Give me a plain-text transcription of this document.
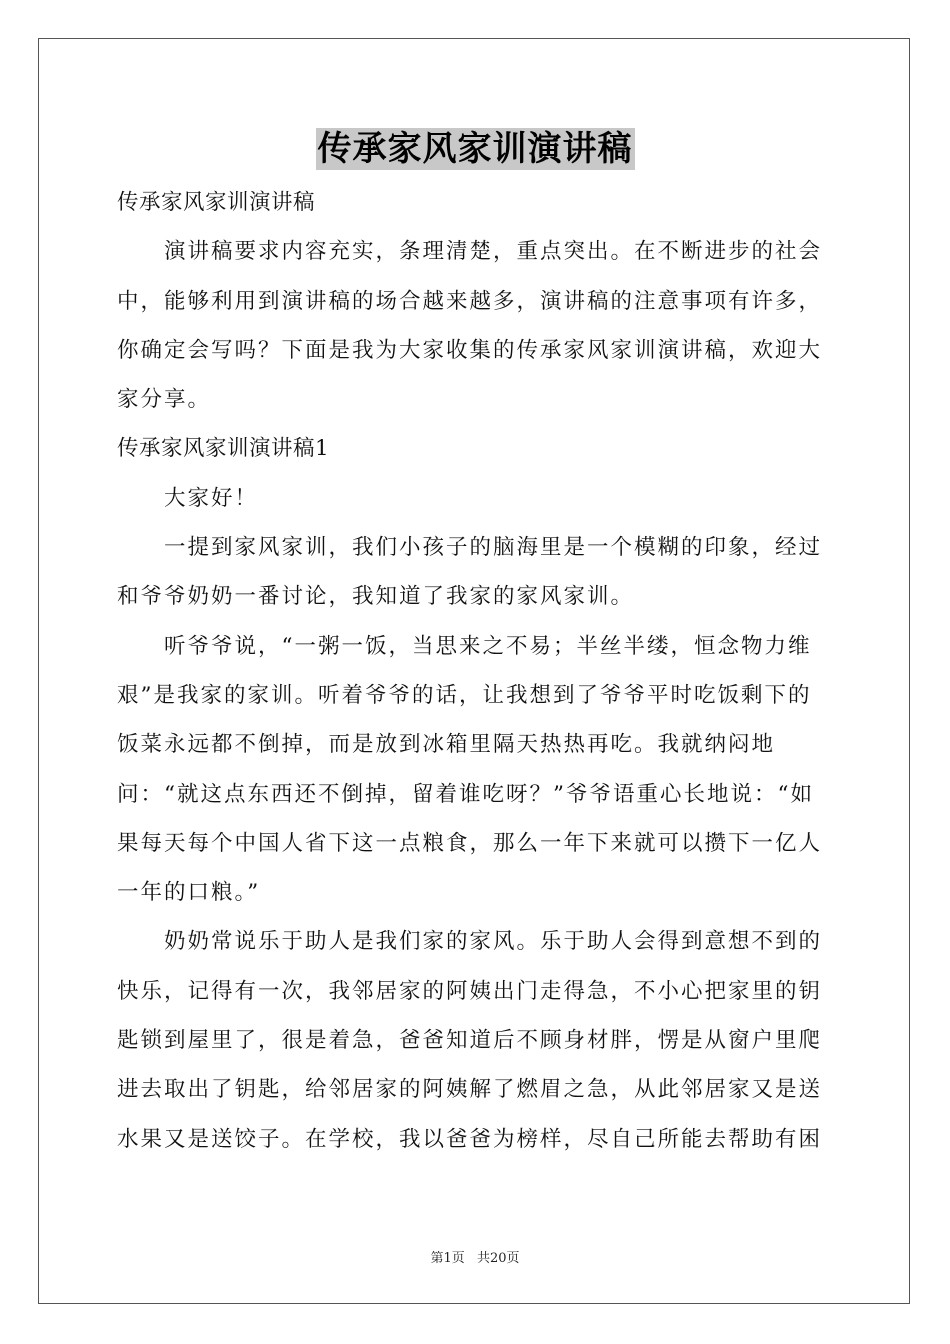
传承家风家训演讲稿

传承家风家训演讲稿

演讲稿要求内容充实，条理清楚，重点突出。在不断进步的社会中，能够利用到演讲稿的场合越来越多，演讲稿的注意事项有许多，你确定会写吗？下面是我为大家收集的传承家风家训演讲稿，欢迎大家分享。

传承家风家训演讲稿1

大家好！

一提到家风家训，我们小孩子的脑海里是一个模糊的印象，经过和爷爷奶奶一番讨论，我知道了我家的家风家训。

听爷爷说，“一粥一饭，当思来之不易；半丝半缕，恒念物力维艰”是我家的家训。听着爷爷的话，让我想到了爷爷平时吃饭剩下的饭菜永远都不倒掉，而是放到冰箱里隔天热热再吃。我就纳闷地问：“就这点东西还不倒掉，留着谁吃呀？”爷爷语重心长地说：“如果每天每个中国人省下这一点粮食，那么一年下来就可以攒下一亿人一年的口粮。”

奶奶常说乐于助人是我们家的家风。乐于助人会得到意想不到的快乐，记得有一次，我邻居家的阿姨出门走得急，不小心把家里的钥匙锁到屋里了，很是着急，爸爸知道后不顾身材胖，愣是从窗户里爬进去取出了钥匙，给邻居家的阿姨解了燃眉之急，从此邻居家又是送水果又是送饺子。在学校，我以爸爸为榜样，尽自己所能去帮助有困

第1页 共20页
